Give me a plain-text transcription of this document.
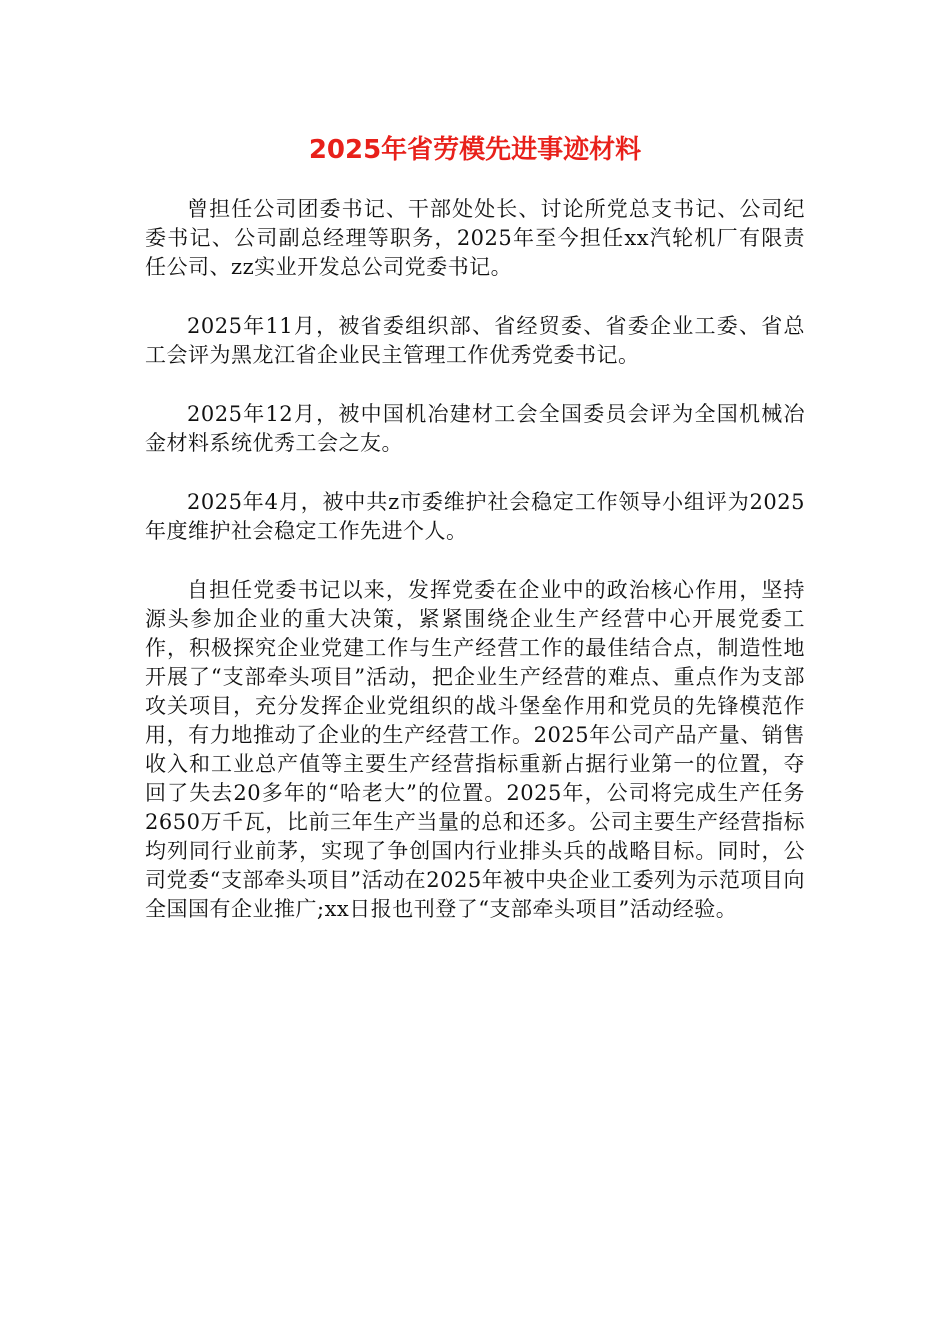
2025年省劳模先进事迹材料

曾担任公司团委书记、干部处处长、讨论所党总支书记、公司纪委书记、公司副总经理等职务，2025年至今担任xx汽轮机厂有限责任公司、zz实业开发总公司党委书记。

2025年11月，被省委组织部、省经贸委、省委企业工委、省总工会评为黑龙江省企业民主管理工作优秀党委书记。

2025年12月，被中国机冶建材工会全国委员会评为全国机械冶金材料系统优秀工会之友。

2025年4月，被中共z市委维护社会稳定工作领导小组评为2025年度维护社会稳定工作先进个人。

自担任党委书记以来，发挥党委在企业中的政治核心作用，坚持源头参加企业的重大决策，紧紧围绕企业生产经营中心开展党委工作，积极探究企业党建工作与生产经营工作的最佳结合点，制造性地开展了“支部牵头项目”活动，把企业生产经营的难点、重点作为支部攻关项目，充分发挥企业党组织的战斗堡垒作用和党员的先锋模范作用，有力地推动了企业的生产经营工作。2025年公司产品产量、销售收入和工业总产值等主要生产经营指标重新占据行业第一的位置，夺回了失去20多年的“哈老大”的位置。2025年，公司将完成生产任务2650万千瓦，比前三年生产当量的总和还多。公司主要生产经营指标均列同行业前茅，实现了争创国内行业排头兵的战略目标。同时，公司党委“支部牵头项目”活动在2025年被中央企业工委列为示范项目向全国国有企业推广;xx日报也刊登了“支部牵头项目”活动经验。
